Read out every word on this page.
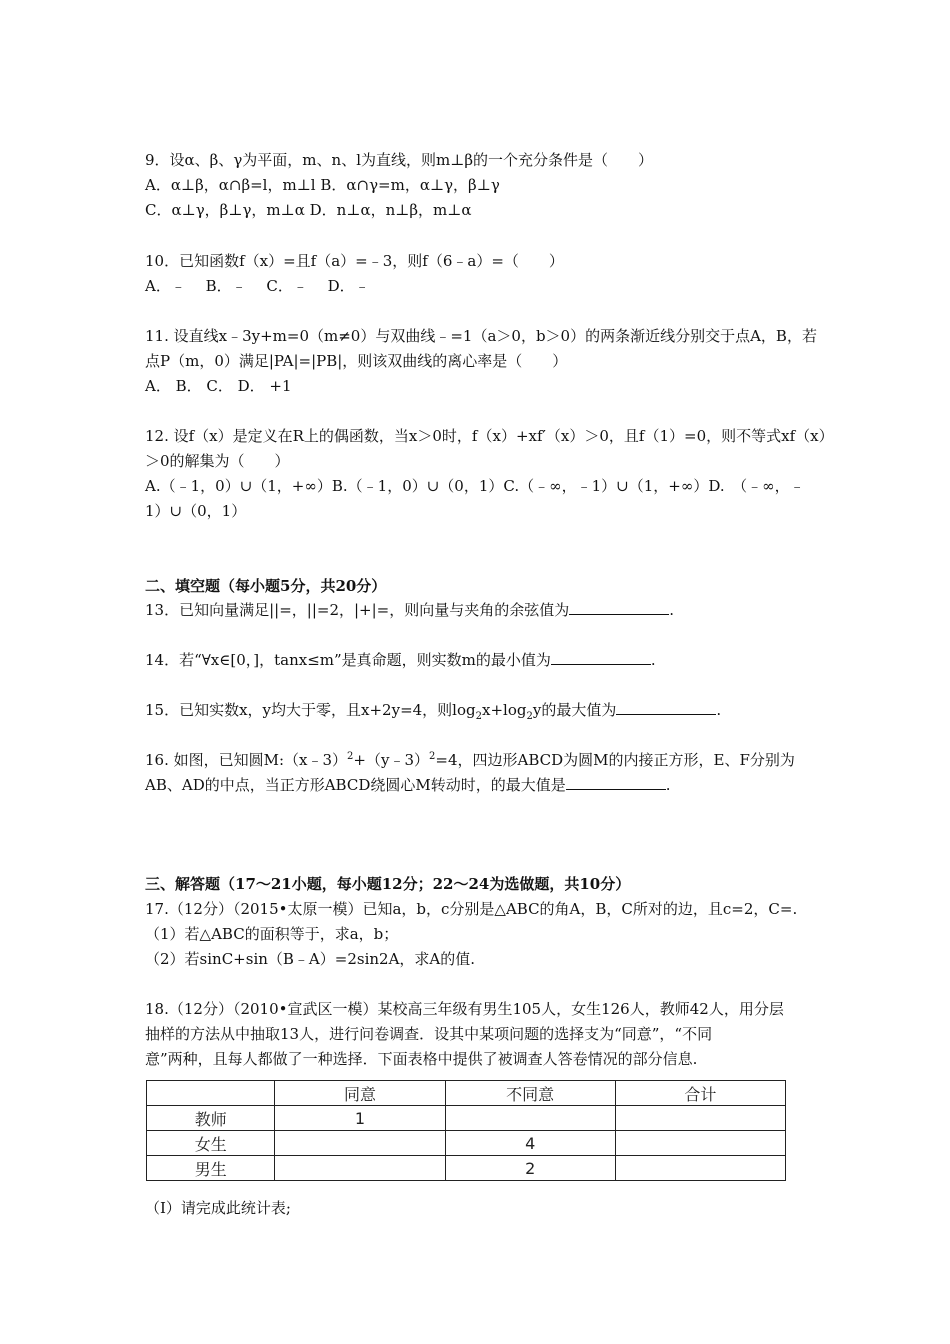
9．设α、β、γ为平面，m、n、l为直线，则m⊥β的一个充分条件是（　　）
A．α⊥β，α∩β=l，m⊥l B．α∩γ=m，α⊥γ，β⊥γ
C．α⊥γ，β⊥γ，m⊥α D．n⊥α，n⊥β，m⊥α
10．已知函数f（x）=且f（a）=﹣3，则f（6﹣a）=（　　）
A．﹣　 B．﹣　 C．﹣　 D．﹣
11. 设直线x﹣3y+m=0（m≠0）与双曲线﹣=1（a＞0，b＞0）的两条渐近线分别交于点A，B，若
点P（m，0）满足|PA|=|PB|，则该双曲线的离心率是（　　）
A． B． C． D． +1
12. 设f（x）是定义在R上的偶函数，当x＞0时，f（x）+xf′（x）＞0，且f（1）=0，则不等式xf（x）
＞0的解集为（　　）
A.（﹣1，0）∪（1，+∞）B.（﹣1，0）∪（0，1）C.（﹣∞，﹣1）∪（1，+∞）D.　（﹣∞，﹣
1）∪（0，1）
二、填空题（每小题5分，共20分）
13．已知向量满足||=，||=2，|+|=，则向量与夹角的余弦值为	.
14．若“∀x∈[0，]，tanx≤m”是真命题，则实数m的最小值为	.
15．已知实数x，y均大于零，且x+2y=4，则$\log_2x+\log_2y$的最大值为	.
16. 如图，已知圆M:（x﹣3）$^2$+（y﹣3）$^2$=4，四边形ABCD为圆M的内接正方形，E、F分别为
AB、AD的中点，当正方形ABCD绕圆心M转动时，的最大值是	.
三、解答题（17～21小题，每小题12分；22～24为选做题，共10分）
17.（12分）（2015•太原一模）已知a，b，c分别是△ABC的角A，B，C所对的边，且c=2，C=.
（1）若△ABC的面积等于，求a，b；
（2）若sinC+sin（B﹣A）=2sin2A，求A的值.
18.（12分）（2010•宣武区一模）某校高三年级有男生105人，女生126人，教师42人，用分层
抽样的方法从中抽取13人，进行问卷调查．设其中某项问题的选择支为“同意”，“不同
意”两种，且每人都做了一种选择．下面表格中提供了被调查人答卷情况的部分信息.
	同意	不同意	合计
教师	1		
女生		4	
男生		2	
（Ⅰ）请完成此统计表;
